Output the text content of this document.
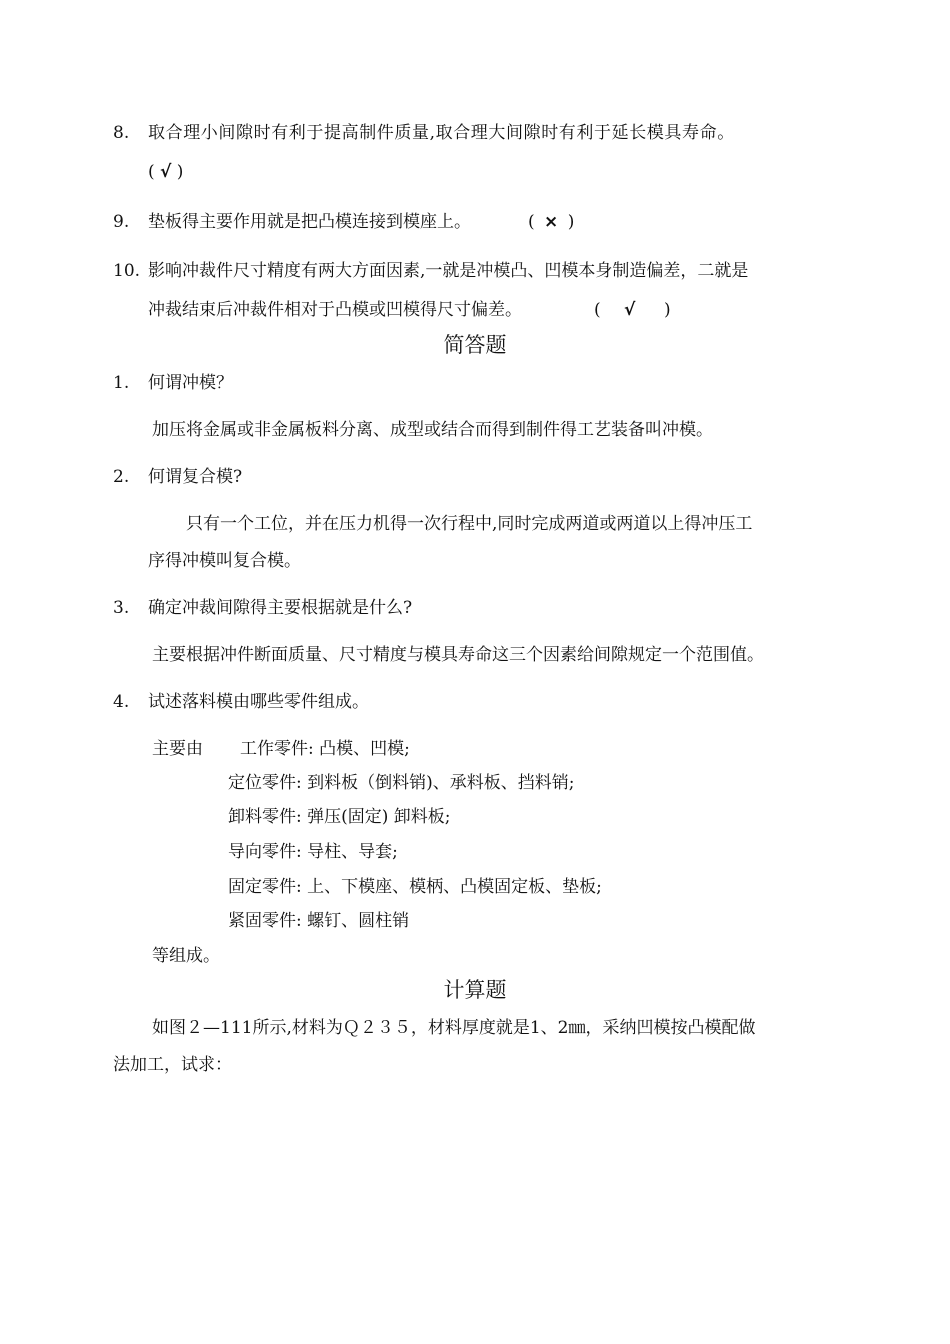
8. 取合理小间隙时有利于提高制件质量,取合理大间隙时有利于延长模具寿命。
( √ )
9. 垫板得主要作用就是把凸模连接到模座上。	( × )
10. 影响冲裁件尺寸精度有两大方面因素,一就是冲模凸、凹模本身制造偏差，二就是
冲裁结束后冲裁件相对于凸模或凹模得尺寸偏差。	( √ )
简答题
1. 何谓冲模？
加压将金属或非金属板料分离、成型或结合而得到制件得工艺装备叫冲模。
2. 何谓复合模?
只有一个工位，并在压力机得一次行程中,同时完成两道或两道以上得冲压工
序得冲模叫复合模。
3. 确定冲裁间隙得主要根据就是什么?
主要根据冲件断面质量、尺寸精度与模具寿命这三个因素给间隙规定一个范围值。
4. 试述落料模由哪些零件组成。
主要由 工作零件: 凸模、凹模;
定位零件: 到料板（倒料销)、承料板、挡料销;
卸料零件: 弹压(固定) 卸料板;
导向零件: 导柱、导套;
固定零件: 上、下模座、模柄、凸模固定板、垫板;
紧固零件: 螺钉、圆柱销
等组成。
计算题
如图２—111所示,材料为Ｑ２３５，材料厚度就是1、2㎜，采纳凹模按凸模配做
法加工，试求：
